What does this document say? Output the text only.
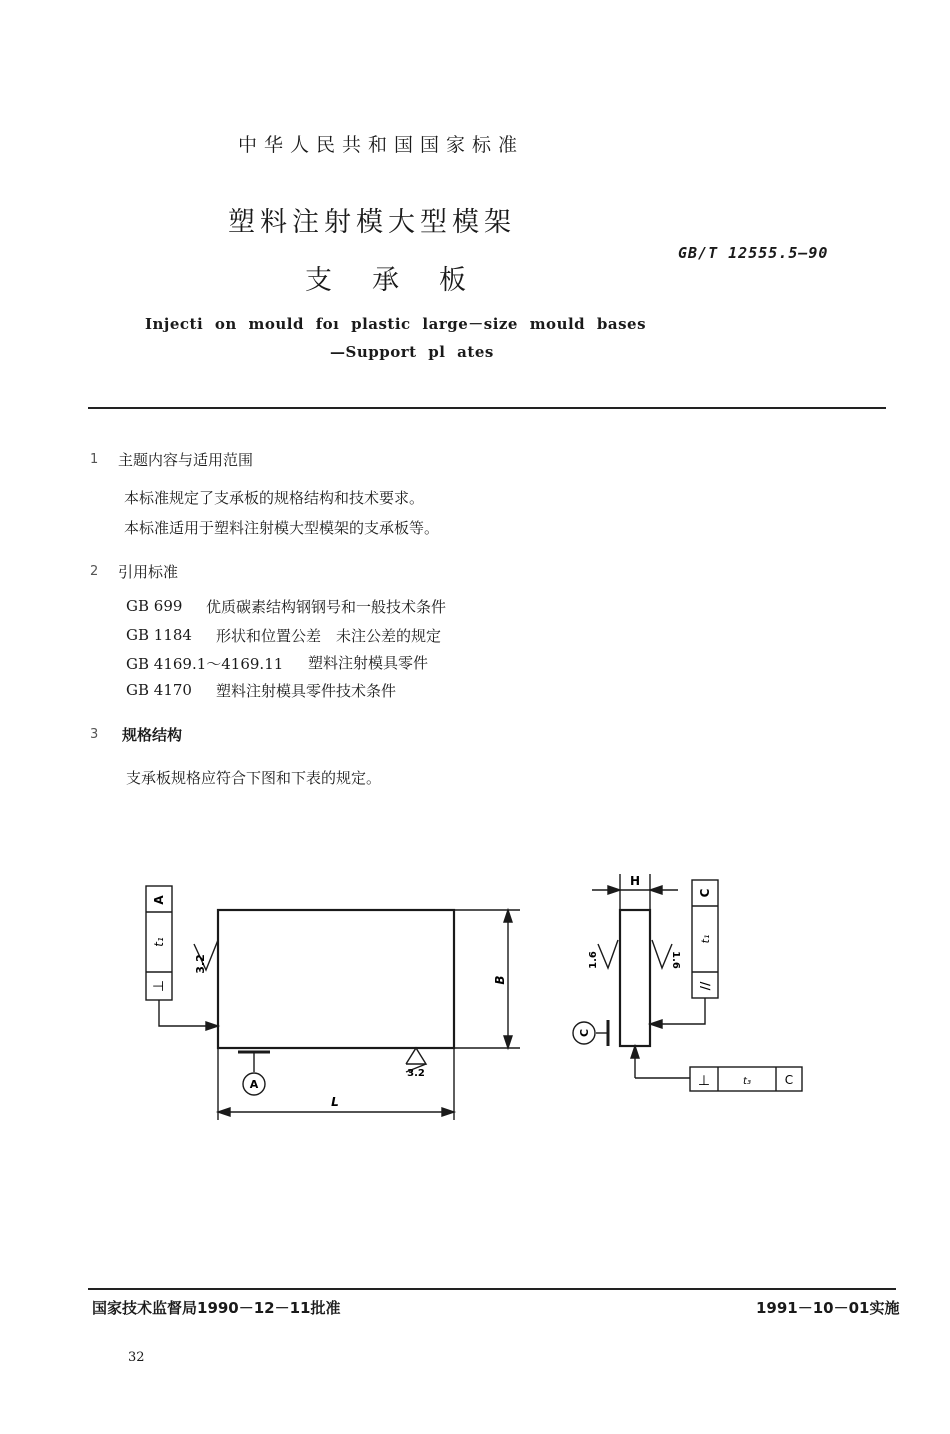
中华人民共和国国家标准
塑料注射模大型模架
支承板
GB/T 12555.5—90
Injecti on mould foı plastic large－size mould bases
—Support pl ates
1 主题内容与适用范围
本标准规定了支承板的规格结构和技术要求。
本标准适用于塑料注射模大型模架的支承板等。
2 引用标准
GB 699 优质碳素结构钢钢号和一般技术条件
GB 1184 形状和位置公差　未注公差的规定
GB 4169.1～4169.11 塑料注射模具零件
GB 4170 塑料注射模具零件技术条件
3 规格结构
支承板规格应符合下图和下表的规定。
A
t₁
⊥
3.2
A
3.2
L
B
H
1.6	1.6
C
t₁
//
C
⊥	t₃	C
国家技术监督局1990－12－11批准	1991－10－01实施
32
